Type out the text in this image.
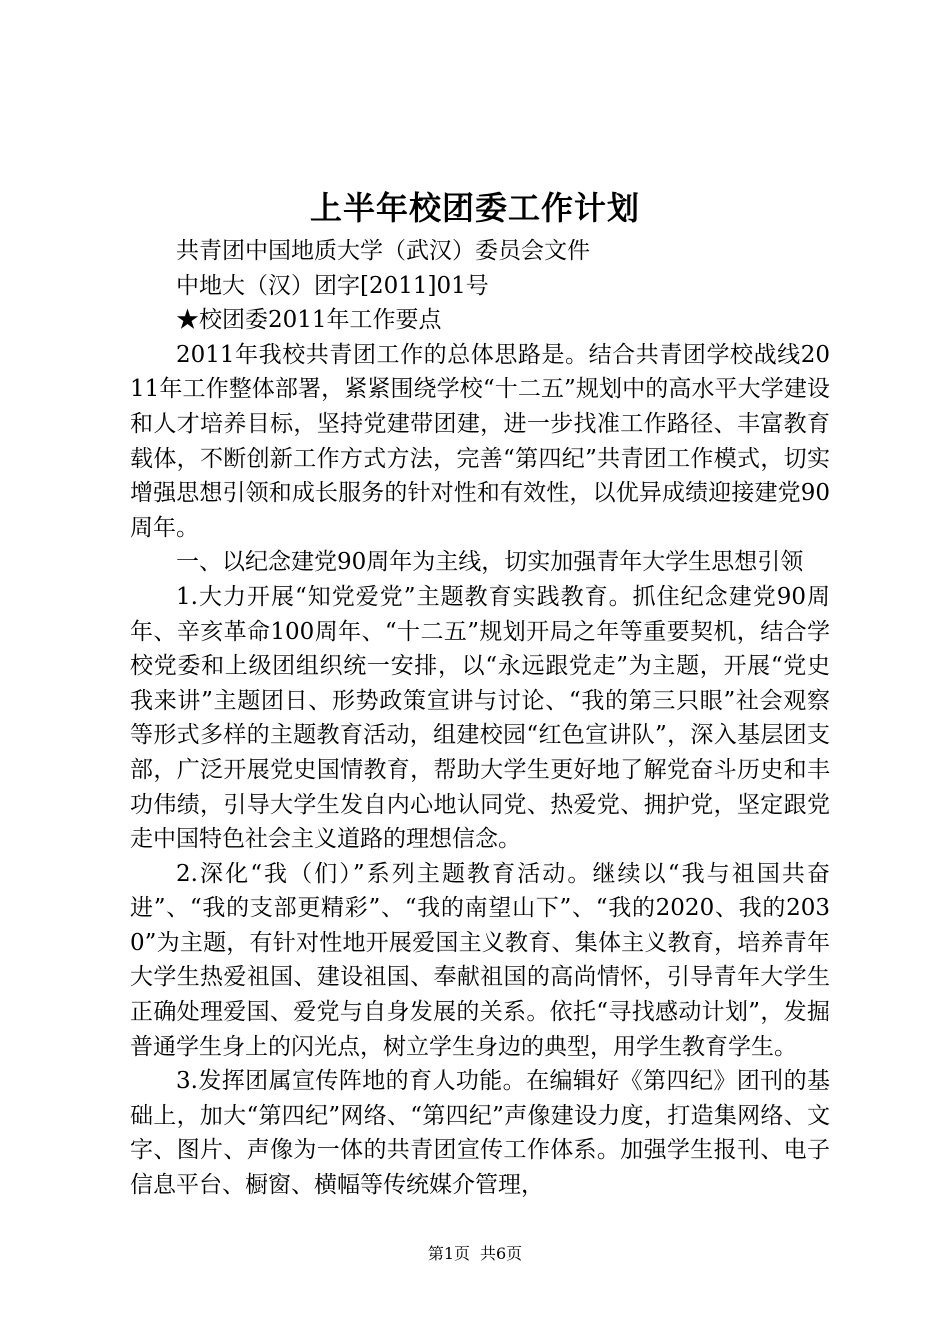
上半年校团委工作计划

共青团中国地质大学（武汉）委员会文件

中地大（汉）团字[2011]01号

★校团委2011年工作要点

2011年我校共青团工作的总体思路是。结合共青团学校战线2011年工作整体部署，紧紧围绕学校“十二五”规划中的高水平大学建设和人才培养目标，坚持党建带团建，进一步找准工作路径、丰富教育载体，不断创新工作方式方法，完善“第四纪”共青团工作模式，切实增强思想引领和成长服务的针对性和有效性，以优异成绩迎接建党90周年。

一、以纪念建党90周年为主线，切实加强青年大学生思想引领

1.大力开展“知党爱党”主题教育实践教育。抓住纪念建党90周年、辛亥革命100周年、“十二五”规划开局之年等重要契机，结合学校党委和上级团组织统一安排，以“永远跟党走”为主题，开展“党史我来讲”主题团日、形势政策宣讲与讨论、“我的第三只眼”社会观察等形式多样的主题教育活动，组建校园“红色宣讲队”，深入基层团支部，广泛开展党史国情教育，帮助大学生更好地了解党奋斗历史和丰功伟绩，引导大学生发自内心地认同党、热爱党、拥护党，坚定跟党走中国特色社会主义道路的理想信念。

2.深化“我（们）”系列主题教育活动。继续以“我与祖国共奋进”、“我的支部更精彩”、“我的南望山下”、“我的2020、我的2030”为主题，有针对性地开展爱国主义教育、集体主义教育，培养青年大学生热爱祖国、建设祖国、奉献祖国的高尚情怀，引导青年大学生正确处理爱国、爱党与自身发展的关系。依托“寻找感动计划”，发掘普通学生身上的闪光点，树立学生身边的典型，用学生教育学生。

3.发挥团属宣传阵地的育人功能。在编辑好《第四纪》团刊的基础上，加大“第四纪”网络、“第四纪”声像建设力度，打造集网络、文字、图片、声像为一体的共青团宣传工作体系。加强学生报刊、电子信息平台、橱窗、横幅等传统媒介管理，

第1页 共6页
